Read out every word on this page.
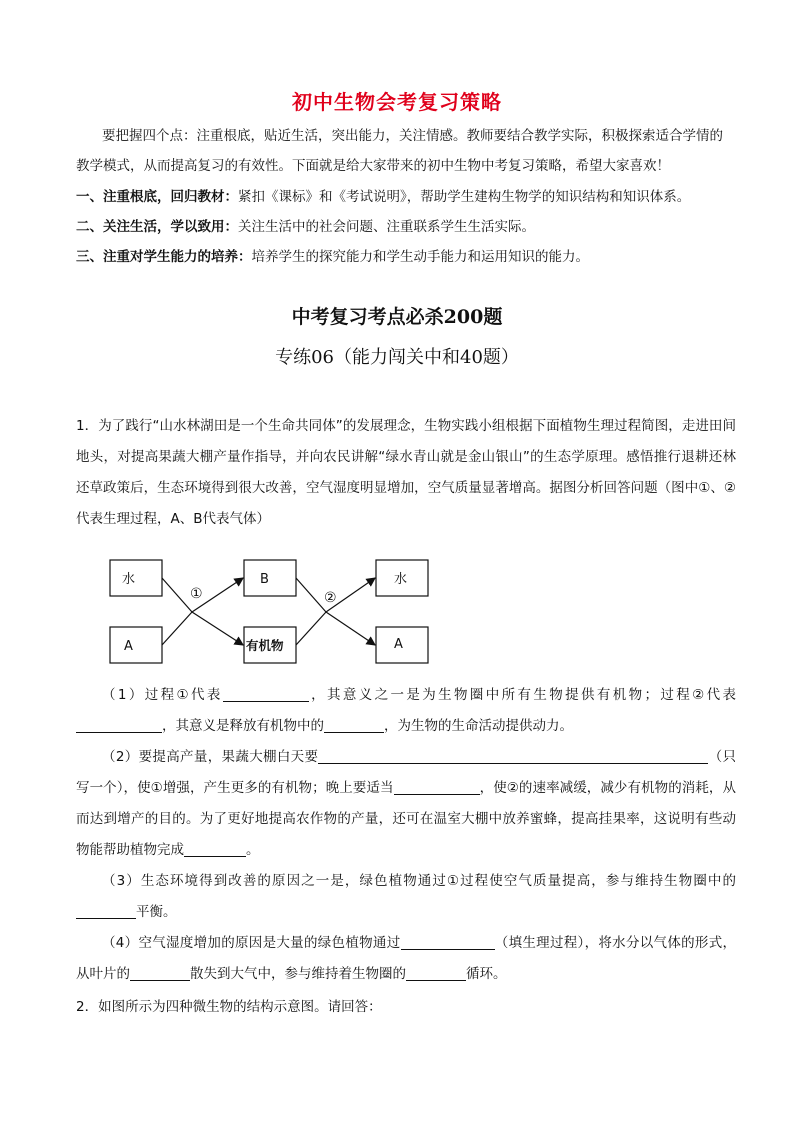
初中生物会考复习策略
要把握四个点：注重根底，贴近生活，突出能力，关注情感。教师要结合教学实际，积极探索适合学情的教学模式，从而提高复习的有效性。下面就是给大家带来的初中生物中考复习策略，希望大家喜欢！
一、注重根底，回归教材：紧扣《课标》和《考试说明》，帮助学生建构生物学的知识结构和知识体系。
二、关注生活，学以致用：关注生活中的社会问题、注重联系学生生活实际。
三、注重对学生能力的培养：培养学生的探究能力和学生动手能力和运用知识的能力。
中考复习考点必杀200题
专练06（能力闯关中和40题）
1．为了践行“山水林湖田是一个生命共同体”的发展理念，生物实践小组根据下面植物生理过程简图，走进田间地头，对提高果蔬大棚产量作指导，并向农民讲解“绿水青山就是金山银山”的生态学原理。感悟推行退耕还林还草政策后，生态环境得到很大改善，空气湿度明显增加，空气质量显著增高。据图分析回答问题（图中①、②代表生理过程，A、B代表气体）
水
A
B
有机物
水
A
①	②
（1）过程①代表	，其意义之一是为生物圈中所有生物提供有机物；过程②代表，其意义是释放有机物中的	，为生物的生命活动提供动力。
（2）要提高产量，果蔬大棚白天要	（只写一个），使①增强，产生更多的有机物；晚上要适当	，使②的速率减缓，减少有机物的消耗，从而达到增产的目的。为了更好地提高农作物的产量，还可在温室大棚中放养蜜蜂，提高挂果率，这说明有些动物能帮助植物完成	。
（3）生态环境得到改善的原因之一是，绿色植物通过①过程使空气质量提高，参与维持生物圈中的平衡。
（4）空气湿度增加的原因是大量的绿色植物通过	（填生理过程），将水分以气体的形式，从叶片的	散失到大气中，参与维持着生物圈的	循环。
2．如图所示为四种微生物的结构示意图。请回答：
